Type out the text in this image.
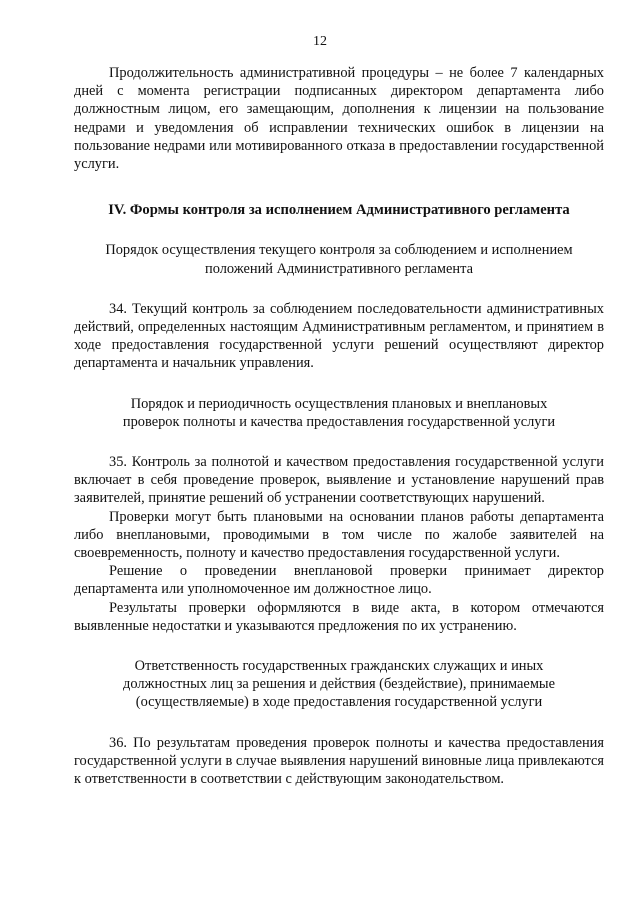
12

Продолжительность административной процедуры – не более 7 календарных дней с момента регистрации подписанных директором департамента либо должностным лицом, его замещающим, дополнения к лицензии на пользование недрами и уведомления об исправлении технических ошибок в лицензии на пользование недрами или мотивированного отказа в предоставлении государственной услуги.

IV. Формы контроля за исполнением Административного регламента

Порядок осуществления текущего контроля за соблюдением и исполнением положений Административного регламента

34. Текущий контроль за соблюдением последовательности административных действий, определенных настоящим Административным регламентом, и принятием в ходе предоставления государственной услуги решений осуществляют директор департамента и начальник управления.

Порядок и периодичность осуществления плановых и внеплановых проверок полноты и качества предоставления государственной услуги

35. Контроль за полнотой и качеством предоставления государственной услуги включает в себя проведение проверок, выявление и установление нарушений прав заявителей, принятие решений об устранении соответствующих нарушений.

Проверки могут быть плановыми на основании планов работы департамента либо внеплановыми, проводимыми в том числе по жалобе заявителей на своевременность, полноту и качество предоставления государственной услуги.

Решение о проведении внеплановой проверки принимает директор департамента или уполномоченное им должностное лицо.

Результаты проверки оформляются в виде акта, в котором отмечаются выявленные недостатки и указываются предложения по их устранению.

Ответственность государственных гражданских служащих и иных должностных лиц за решения и действия (бездействие), принимаемые (осуществляемые) в ходе предоставления государственной услуги

36. По результатам проведения проверок полноты и качества предоставления государственной услуги в случае выявления нарушений виновные лица привлекаются к ответственности в соответствии с действующим законодательством.
